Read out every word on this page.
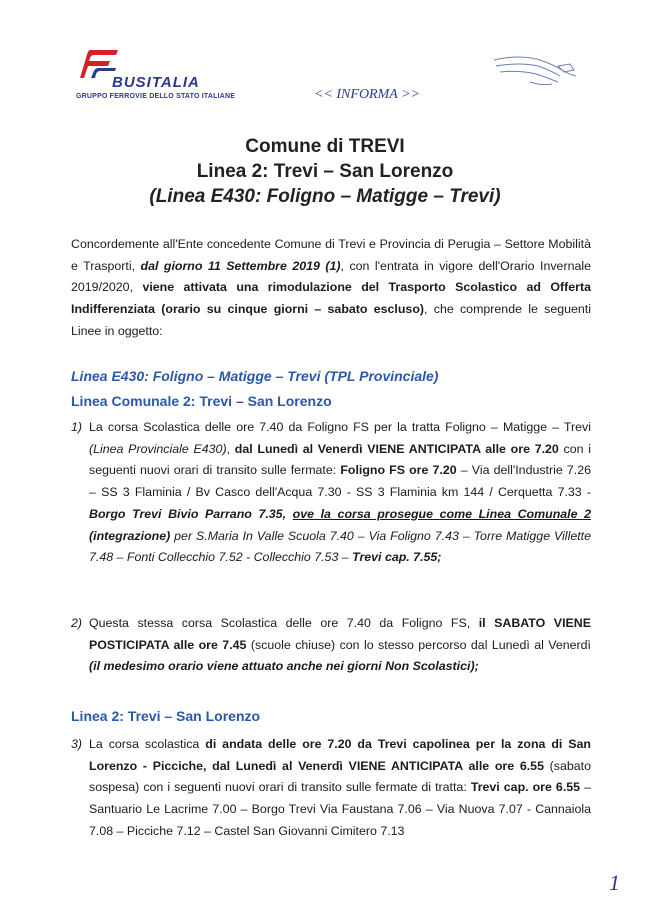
BUSITALIA
GRUPPO FERROVIE DELLO STATO ITALIANE	<< INFORMA >>
Comune di TREVI
Linea 2: Trevi – San Lorenzo
(Linea E430: Foligno – Matigge – Trevi)
Concordemente all'Ente concedente Comune di Trevi e Provincia di Perugia – Settore Mobilità e Trasporti, dal giorno 11 Settembre 2019 (1), con l'entrata in vigore dell'Orario Invernale 2019/2020, viene attivata una rimodulazione del Trasporto Scolastico ad Offerta Indifferenziata (orario su cinque giorni – sabato escluso), che comprende le seguenti Linee in oggetto:
Linea E430: Foligno – Matigge – Trevi (TPL Provinciale)
Linea Comunale 2: Trevi – San Lorenzo
1) La corsa Scolastica delle ore 7.40 da Foligno FS per la tratta Foligno – Matigge – Trevi (Linea Provinciale E430), dal Lunedì al Venerdì VIENE ANTICIPATA alle ore 7.20 con i seguenti nuovi orari di transito sulle fermate: Foligno FS ore 7.20 – Via dell'Industrie 7.26 – SS 3 Flaminia / Bv Casco dell'Acqua 7.30 - SS 3 Flaminia km 144 / Cerquetta 7.33 - Borgo Trevi Bivio Parrano 7.35, ove la corsa prosegue come Linea Comunale 2 (integrazione) per S.Maria In Valle Scuola 7.40 – Via Foligno 7.43 – Torre Matigge Villette 7.48 – Fonti Collecchio 7.52 - Collecchio 7.53 – Trevi cap. 7.55;
2) Questa stessa corsa Scolastica delle ore 7.40 da Foligno FS, il SABATO VIENE POSTICIPATA alle ore 7.45 (scuole chiuse) con lo stesso percorso dal Lunedì al Venerdì (il medesimo orario viene attuato anche nei giorni Non Scolastici);
Linea 2: Trevi – San Lorenzo
3) La corsa scolastica di andata delle ore 7.20 da Trevi capolinea per la zona di San Lorenzo - Picciche, dal Lunedì al Venerdì VIENE ANTICIPATA alle ore 6.55 (sabato sospesa) con i seguenti nuovi orari di transito sulle fermate di tratta: Trevi cap. ore 6.55 – Santuario Le Lacrime 7.00 – Borgo Trevi Via Faustana 7.06 – Via Nuova 7.07 - Cannaiola 7.08 – Picciche 7.12 – Castel San Giovanni Cimitero 7.13
1
